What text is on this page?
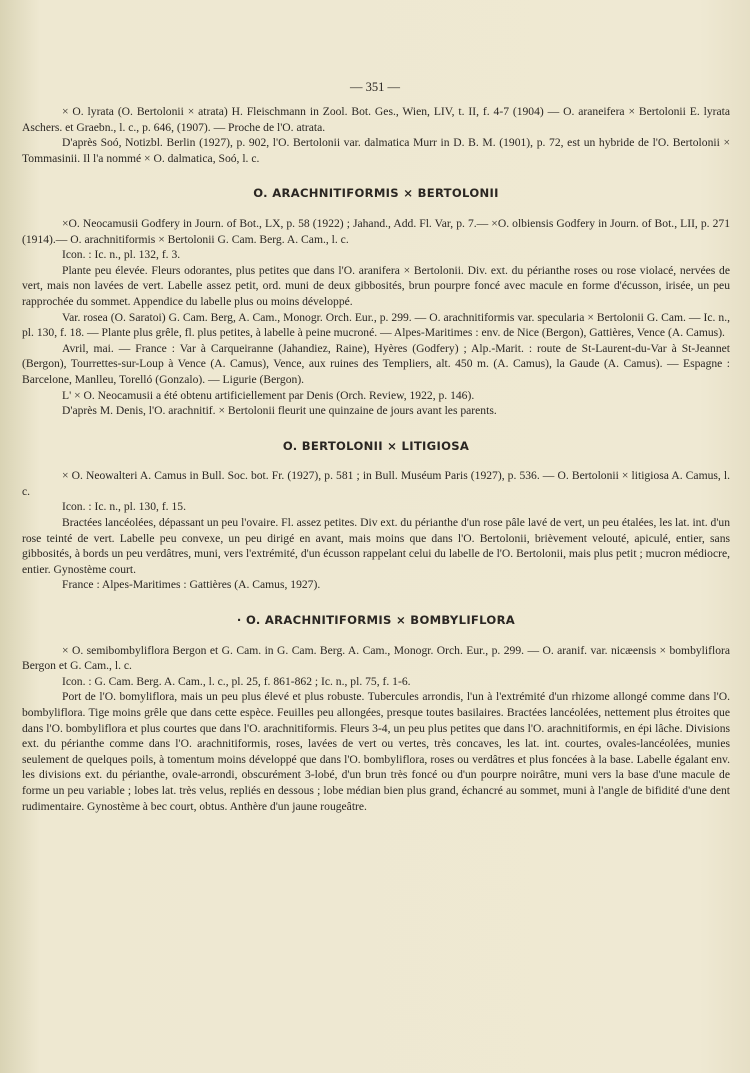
— 351 —

× O. lyrata (O. Bertolonii × atrata) H. Fleischmann in Zool. Bot. Ges., Wien, LIV, t. II, f. 4-7 (1904) — O. araneifera × Bertolonii E. lyrata Aschers. et Graebn., l. c., p. 646, (1907). — Proche de l'O. atrata.

D'après Soó, Notizbl. Berlin (1927), p. 902, l'O. Bertolonii var. dalmatica Murr in D. B. M. (1901), p. 72, est un hybride de l'O. Bertolonii × Tommasinii. Il l'a nommé × O. dalmatica, Soó, l. c.

O. ARACHNITIFORMIS × BERTOLONII

×O. Neocamusii Godfery in Journ. of Bot., LX, p. 58 (1922) ; Jahand., Add. Fl. Var, p. 7.— ×O. olbiensis Godfery in Journ. of Bot., LII, p. 271 (1914).— O. arachnitiformis × Bertolonii G. Cam. Berg. A. Cam., l. c.

Icon. : Ic. n., pl. 132, f. 3.

Plante peu élevée. Fleurs odorantes, plus petites que dans l'O. aranifera × Bertolonii. Div. ext. du périanthe roses ou rose violacé, nervées de vert, mais non lavées de vert. Labelle assez petit, ord. muni de deux gibbosités, brun pourpre foncé avec macule en forme d'écusson, irisée, un peu rapprochée du sommet. Appendice du labelle plus ou moins développé.

Var. rosea (O. Saratoi) G. Cam. Berg, A. Cam., Monogr. Orch. Eur., p. 299. — O. arachnitiformis var. specularia × Bertolonii G. Cam. — Ic. n., pl. 130, f. 18. — Plante plus grêle, fl. plus petites, à labelle à peine mucroné. — Alpes-Maritimes : env. de Nice (Bergon), Gattières, Vence (A. Camus).

Avril, mai. — France : Var à Carqueiranne (Jahandiez, Raine), Hyères (Godfery) ; Alp.-Marit. : route de St-Laurent-du-Var à St-Jeannet (Bergon), Tourrettes-sur-Loup à Vence (A. Camus), Vence, aux ruines des Templiers, alt. 450 m. (A. Camus), la Gaude (A. Camus). — Espagne : Barcelone, Manlleu, Torelló (Gonzalo). — Ligurie (Bergon).

L' × O. Neocamusii a été obtenu artificiellement par Denis (Orch. Review, 1922, p. 146).

D'après M. Denis, l'O. arachnitif. × Bertolonii fleurit une quinzaine de jours avant les parents.

O. BERTOLONII × LITIGIOSA

× O. Neowalteri A. Camus in Bull. Soc. bot. Fr. (1927), p. 581 ; in Bull. Muséum Paris (1927), p. 536. — O. Bertolonii × litigiosa A. Camus, l. c.

Icon. : Ic. n., pl. 130, f. 15.

Bractées lancéolées, dépassant un peu l'ovaire. Fl. assez petites. Div ext. du périanthe d'un rose pâle lavé de vert, un peu étalées, les lat. int. d'un rose teinté de vert. Labelle peu convexe, un peu dirigé en avant, mais moins que dans l'O. Bertolonii, brièvement velouté, apiculé, entier, sans gibbosités, à bords un peu verdâtres, muni, vers l'extrémité, d'un écusson rappelant celui du labelle de l'O. Bertolonii, mais plus petit ; mucron médiocre, entier. Gynostème court.

France : Alpes-Maritimes : Gattières (A. Camus, 1927).

· O. ARACHNITIFORMIS × BOMBYLIFLORA

× O. semibombyliflora Bergon et G. Cam. in G. Cam. Berg. A. Cam., Monogr. Orch. Eur., p. 299. — O. aranif. var. nicæensis × bombyliflora Bergon et G. Cam., l. c.

Icon. : G. Cam. Berg. A. Cam., l. c., pl. 25, f. 861-862 ; Ic. n., pl. 75, f. 1-6.

Port de l'O. bomyliflora, mais un peu plus élevé et plus robuste. Tubercules arrondis, l'un à l'extrémité d'un rhizome allongé comme dans l'O. bombyliflora. Tige moins grêle que dans cette espèce. Feuilles peu allongées, presque toutes basilaires. Bractées lancéolées, nettement plus étroites que dans l'O. bombyliflora et plus courtes que dans l'O. arachnitiformis. Fleurs 3-4, un peu plus petites que dans l'O. arachnitiformis, en épi lâche. Divisions ext. du périanthe comme dans l'O. arachnitiformis, roses, lavées de vert ou vertes, très concaves, les lat. int. courtes, ovales-lancéolées, munies seulement de quelques poils, à tomentum moins développé que dans l'O. bombyliflora, roses ou verdâtres et plus foncées à la base. Labelle égalant env. les divisions ext. du périanthe, ovale-arrondi, obscurément 3-lobé, d'un brun très foncé ou d'un pourpre noirâtre, muni vers la base d'une macule de forme un peu variable ; lobes lat. très velus, repliés en dessous ; lobe médian bien plus grand, échancré au sommet, muni à l'angle de bifidité d'une dent rudimentaire. Gynostème à bec court, obtus. Anthère d'un jaune rougeâtre.
